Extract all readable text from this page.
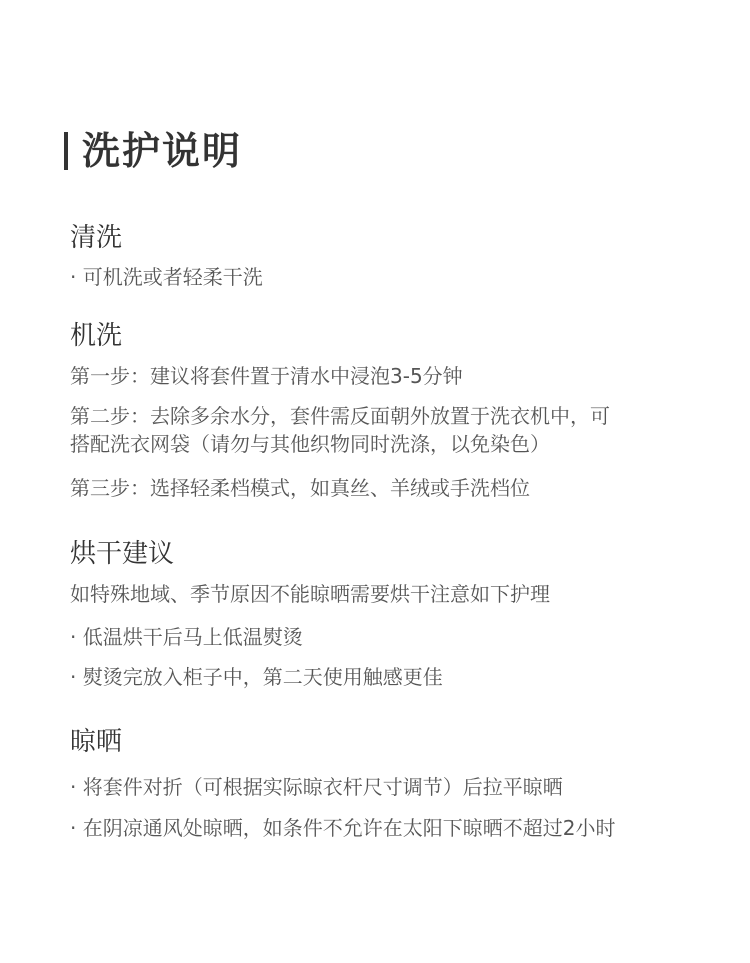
洗护说明
清洗
· 可机洗或者轻柔干洗
机洗
第一步：建议将套件置于清水中浸泡3-5分钟
第二步：去除多余水分，套件需反面朝外放置于洗衣机中，可
搭配洗衣网袋（请勿与其他织物同时洗涤，以免染色）
第三步：选择轻柔档模式，如真丝、羊绒或手洗档位
烘干建议
如特殊地域、季节原因不能晾晒需要烘干注意如下护理
· 低温烘干后马上低温熨烫
· 熨烫完放入柜子中，第二天使用触感更佳
晾晒
· 将套件对折（可根据实际晾衣杆尺寸调节）后拉平晾晒
· 在阴凉通风处晾晒，如条件不允许在太阳下晾晒不超过2小时
